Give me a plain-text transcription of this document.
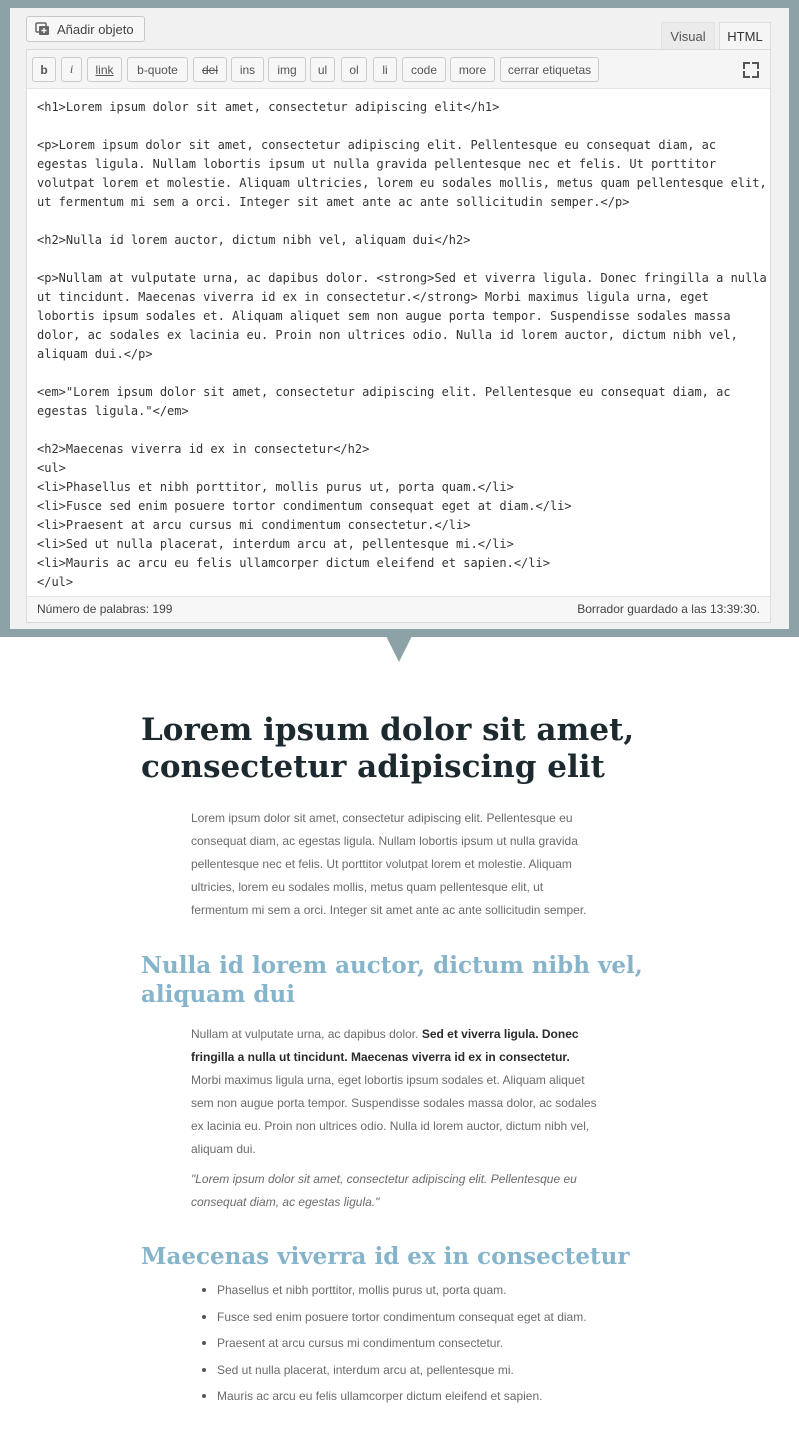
Añadir objeto	Visual	HTML
b	i	link	b-quote	del	ins	img	ul	ol	li	code	more	cerrar etiquetas
<h1>Lorem ipsum dolor sit amet, consectetur adipiscing elit</h1>

<p>Lorem ipsum dolor sit amet, consectetur adipiscing elit. Pellentesque eu consequat diam, ac egestas ligula. Nullam lobortis ipsum ut nulla gravida pellentesque nec et felis. Ut porttitor volutpat lorem et molestie. Aliquam ultricies, lorem eu sodales mollis, metus quam pellentesque elit, ut fermentum mi sem a orci. Integer sit amet ante ac ante sollicitudin semper.</p>

<h2>Nulla id lorem auctor, dictum nibh vel, aliquam dui</h2>

<p>Nullam at vulputate urna, ac dapibus dolor. <strong>Sed et viverra ligula. Donec fringilla a nulla ut tincidunt. Maecenas viverra id ex in consectetur.</strong> Morbi maximus ligula urna, eget lobortis ipsum sodales et. Aliquam aliquet sem non augue porta tempor. Suspendisse sodales massa dolor, ac sodales ex lacinia eu. Proin non ultrices odio. Nulla id lorem auctor, dictum nibh vel, aliquam dui.</p>

<em>"Lorem ipsum dolor sit amet, consectetur adipiscing elit. Pellentesque eu consequat diam, ac egestas ligula."</em>

<h2>Maecenas viverra id ex in consectetur</h2>
<ul>
<li>Phasellus et nibh porttitor, mollis purus ut, porta quam.</li>
<li>Fusce sed enim posuere tortor condimentum consequat eget at diam.</li>
<li>Praesent at arcu cursus mi condimentum consectetur.</li>
<li>Sed ut nulla placerat, interdum arcu at, pellentesque mi.</li>
<li>Mauris ac arcu eu felis ullamcorper dictum eleifend et sapien.</li>
</ul>
Número de palabras: 199	Borrador guardado a las 13:39:30.
Lorem ipsum dolor sit amet, consectetur adipiscing elit

Lorem ipsum dolor sit amet, consectetur adipiscing elit. Pellentesque eu consequat diam, ac egestas ligula. Nullam lobortis ipsum ut nulla gravida pellentesque nec et felis. Ut porttitor volutpat lorem et molestie. Aliquam ultricies, lorem eu sodales mollis, metus quam pellentesque elit, ut fermentum mi sem a orci. Integer sit amet ante ac ante sollicitudin semper.

Nulla id lorem auctor, dictum nibh vel, aliquam dui

Nullam at vulputate urna, ac dapibus dolor. Sed et viverra ligula. Donec fringilla a nulla ut tincidunt. Maecenas viverra id ex in consectetur. Morbi maximus ligula urna, eget lobortis ipsum sodales et. Aliquam aliquet sem non augue porta tempor. Suspendisse sodales massa dolor, ac sodales ex lacinia eu. Proin non ultrices odio. Nulla id lorem auctor, dictum nibh vel, aliquam dui.

"Lorem ipsum dolor sit amet, consectetur adipiscing elit. Pellentesque eu consequat diam, ac egestas ligula."

Maecenas viverra id ex in consectetur
Phasellus et nibh porttitor, mollis purus ut, porta quam.
Fusce sed enim posuere tortor condimentum consequat eget at diam.
Praesent at arcu cursus mi condimentum consectetur.
Sed ut nulla placerat, interdum arcu at, pellentesque mi.
Mauris ac arcu eu felis ullamcorper dictum eleifend et sapien.
